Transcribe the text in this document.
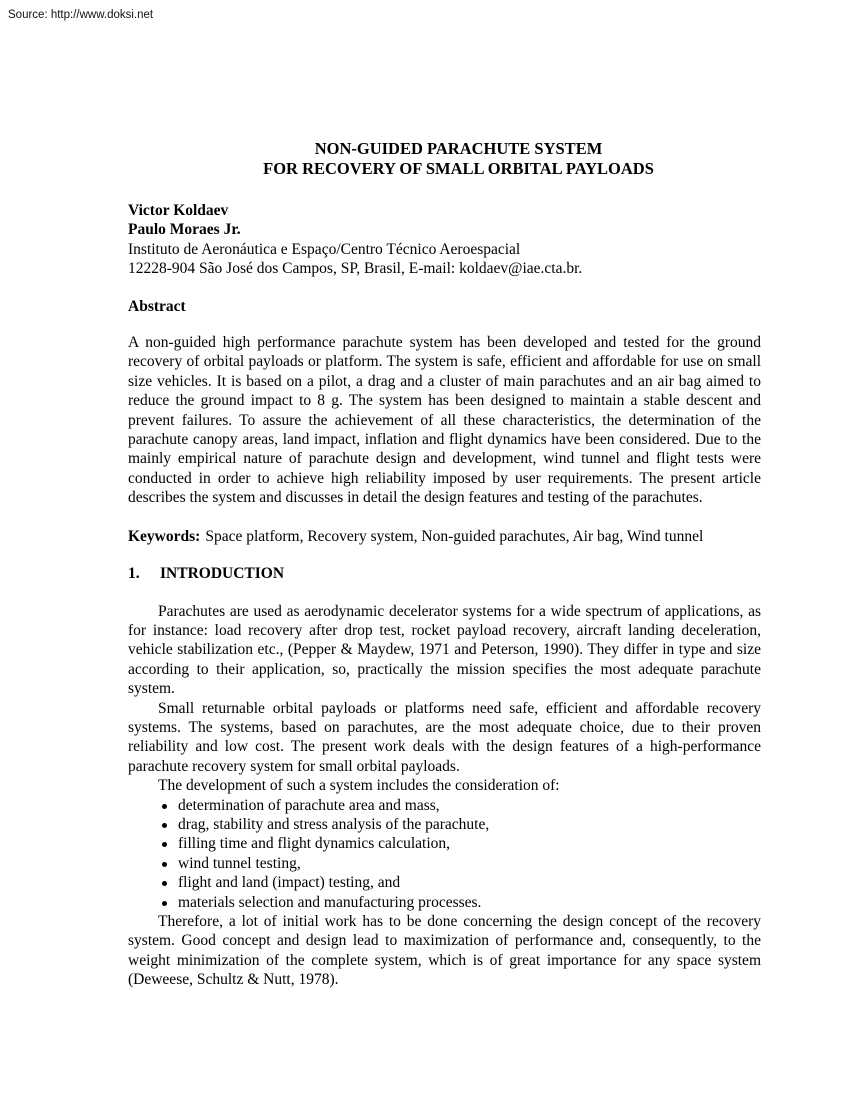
Source: http://www.doksi.net
NON-GUIDED PARACHUTE SYSTEM
FOR RECOVERY OF SMALL ORBITAL PAYLOADS
Victor Koldaev
Paulo Moraes Jr.
Instituto de Aeronáutica e Espaço/Centro Técnico Aeroespacial
12228-904 São José dos Campos, SP, Brasil, E-mail: koldaev@iae.cta.br.
Abstract
A non-guided high performance parachute system has been developed and tested for the ground recovery of orbital payloads or platform. The system is safe, efficient and affordable for use on small size vehicles. It is based on a pilot, a drag and a cluster of main parachutes and an air bag aimed to reduce the ground impact to 8 g. The system has been designed to maintain a stable descent and prevent failures. To assure the achievement of all these characteristics, the determination of the parachute canopy areas, land impact, inflation and flight dynamics have been considered. Due to the mainly empirical nature of parachute design and development, wind tunnel and flight tests were conducted in order to achieve high reliability imposed by user requirements. The present article describes the system and discusses in detail the design features and testing of the parachutes.
Keywords: Space platform, Recovery system, Non-guided parachutes, Air bag, Wind tunnel
1. INTRODUCTION
Parachutes are used as aerodynamic decelerator systems for a wide spectrum of applications, as for instance: load recovery after drop test, rocket payload recovery, aircraft landing deceleration, vehicle stabilization etc., (Pepper & Maydew, 1971 and Peterson, 1990). They differ in type and size according to their application, so, practically the mission specifies the most adequate parachute system.
Small returnable orbital payloads or platforms need safe, efficient and affordable recovery systems. The systems, based on parachutes, are the most adequate choice, due to their proven reliability and low cost. The present work deals with the design features of a high-performance parachute recovery system for small orbital payloads.
The development of such a system includes the consideration of:
determination of parachute area and mass,
drag, stability and stress analysis of the parachute,
filling time and flight dynamics calculation,
wind tunnel testing,
flight and land (impact) testing, and
materials selection and manufacturing processes.
Therefore, a lot of initial work has to be done concerning the design concept of the recovery system. Good concept and design lead to maximization of performance and, consequently, to the weight minimization of the complete system, which is of great importance for any space system (Deweese, Schultz & Nutt, 1978).
